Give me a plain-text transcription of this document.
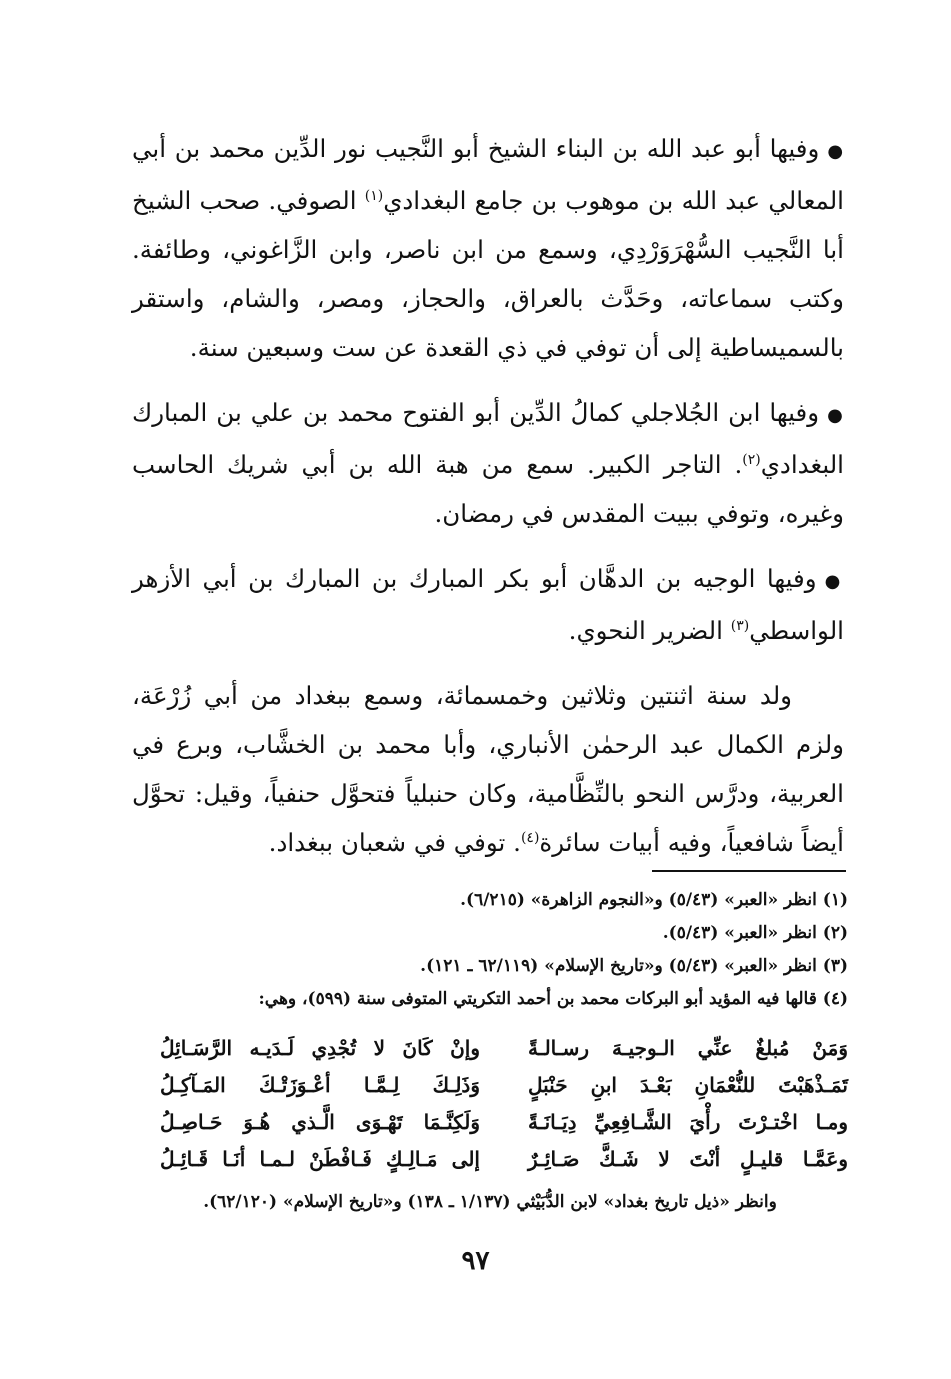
●وفيها أبو عبد الله بن البناء الشيخ أبو النَّجيب نور الدِّين محمد بن أبي المعالي عبد الله بن موهوب بن جامع البغدادي$^{(١)}$ الصوفي. صحب الشيخ أبا النَّجيب السُّهْرَوَرْدِي، وسمع من ابن ناصر، وابن الزَّاغوني، وطائفة. وكتب سماعاته، وحَدَّث بالعراق، والحجاز، ومصر، والشام، واستقر بالسميساطية إلى أن توفي في ذي القعدة عن ست وسبعين سنة.

●وفيها ابن الجُلاجلي كمالُ الدِّين أبو الفتوح محمد بن علي بن المبارك البغدادي$^{(٢)}$. التاجر الكبير. سمع من هبة الله بن أبي شريك الحاسب وغيره، وتوفي ببيت المقدس في رمضان.

●وفيها الوجيه بن الدهَّان أبو بكر المبارك بن المبارك بن أبي الأزهر الواسطي$^{(٣)}$ الضرير النحوي.

ولد سنة اثنتين وثلاثين وخمسمائة، وسمع ببغداد من أبي زُرْعَة، ولزم الكمال عبد الرحمٰن الأنباري، وأبا محمد بن الخشَّاب، وبرع في العربية، ودرَّس النحو بالنِّظَّامية، وكان حنبلياً فتحوَّل حنفياً، وقيل: تحوَّل أيضاً شافعياً، وفيه أبيات سائرة$^{(٤)}$. توفي في شعبان ببغداد.

(١) انظر «العبر» (٥/٤٣) و«النجوم الزاهرة» (٦/٢١٥).

(٢) انظر «العبر» (٥/٤٣).

(٣) انظر «العبر» (٥/٤٣) و«تاريخ الإسلام» (٦٢/١١٩ ـ ١٢١).

(٤) قالها فيه المؤيد أبو البركات محمد بن أحمد التكريتي المتوفى سنة (٥٩٩)، وهي:

وَمَنْ مُبلغٌ عنِّي الـوجيـهَ رسـالـةً
وإنْ كَانَ لا تُجْدِي لَـدَيـه الرَّسَـائِلُ
تَمَـذْهَبْتَ للنُّعْمَانِ بَعْـدَ ابنِ حَنْبَلٍ
وَذَلِـكَ لِـمَّـا أعْـوَزَتْـكَ المَـآكِـلُ
ومـا اخْتـرْتَ رأْيَ الشَّـافِعِيِّ دِيَـانَـةً
وَلَكِنَّـمَا تَهْـوَى الَّـذي هُـوَ حَـاصِـلُ
وعَمَّـا قليـلٍ أنْتَ لا شَـكَّ صَـائِـرٌ
إلى مَـالِـكٍ فَـافْطَنْ لـمـا أنَـا قَـائِـلُ
وانظر «ذيل تاريخ بغداد» لابن الدُّبَيْثي (١/١٣٧ ـ ١٣٨) و«تاريخ الإسلام» (٦٢/١٢٠).
٩٧
